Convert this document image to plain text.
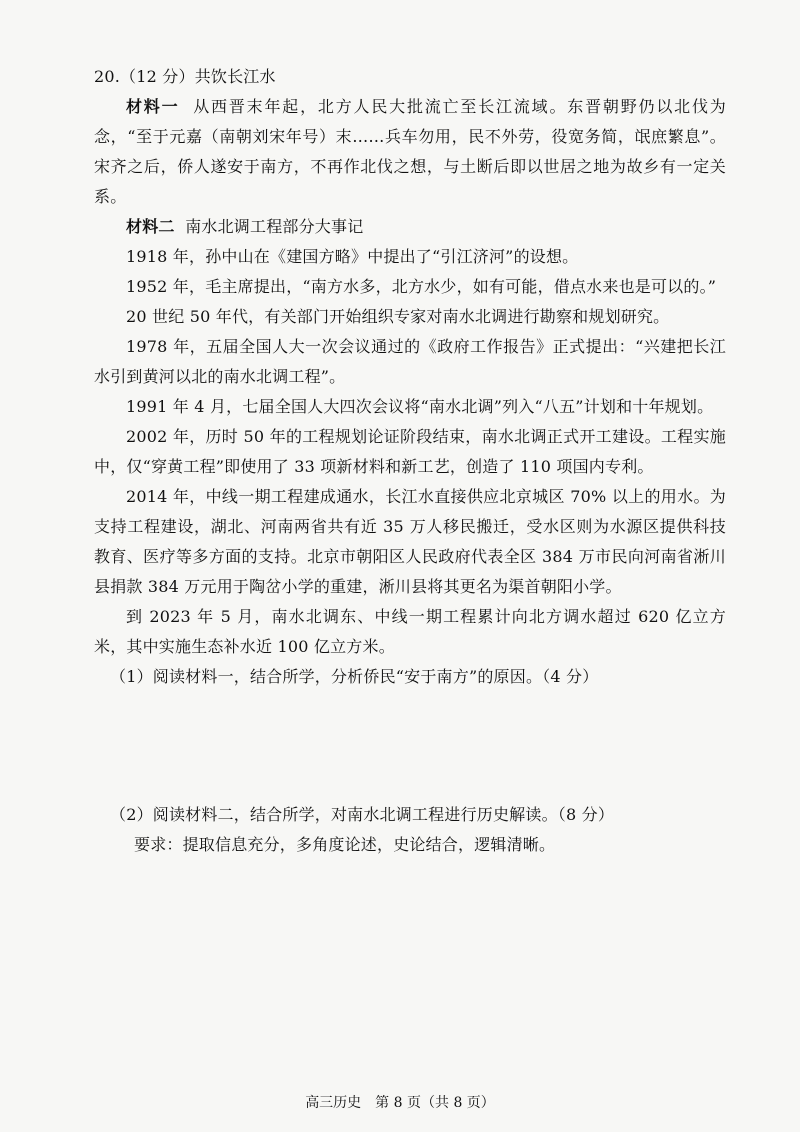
20.（12 分）共饮长江水
材料一 从西晋末年起，北方人民大批流亡至长江流域。东晋朝野仍以北伐为念，“至于元嘉（南朝刘宋年号）末……兵车勿用，民不外劳，役宽务简，氓庶繁息”。宋齐之后，侨人遂安于南方，不再作北伐之想，与土断后即以世居之地为故乡有一定关系。
材料二 南水北调工程部分大事记
1918 年，孙中山在《建国方略》中提出了“引江济河”的设想。
1952 年，毛主席提出，“南方水多，北方水少，如有可能，借点水来也是可以的。”
20 世纪 50 年代，有关部门开始组织专家对南水北调进行勘察和规划研究。
1978 年，五届全国人大一次会议通过的《政府工作报告》正式提出：“兴建把长江水引到黄河以北的南水北调工程”。
1991 年 4 月，七届全国人大四次会议将“南水北调”列入“八五”计划和十年规划。
2002 年，历时 50 年的工程规划论证阶段结束，南水北调正式开工建设。工程实施中，仅“穿黄工程”即使用了 33 项新材料和新工艺，创造了 110 项国内专利。
2014 年，中线一期工程建成通水，长江水直接供应北京城区 70% 以上的用水。为支持工程建设，湖北、河南两省共有近 35 万人移民搬迁，受水区则为水源区提供科技 教育、医疗等多方面的支持。北京市朝阳区人民政府代表全区 384 万市民向河南省淅川县捐款 384 万元用于陶岔小学的重建，淅川县将其更名为渠首朝阳小学。
到 2023 年 5 月，南水北调东、中线一期工程累计向北方调水超过 620 亿立方米，其中实施生态补水近 100 亿立方米。
（1）阅读材料一，结合所学，分析侨民“安于南方”的原因。（4 分）
（2）阅读材料二，结合所学，对南水北调工程进行历史解读。（8 分）
要求：提取信息充分，多角度论述，史论结合，逻辑清晰。
高三历史　第 8 页（共 8 页）
